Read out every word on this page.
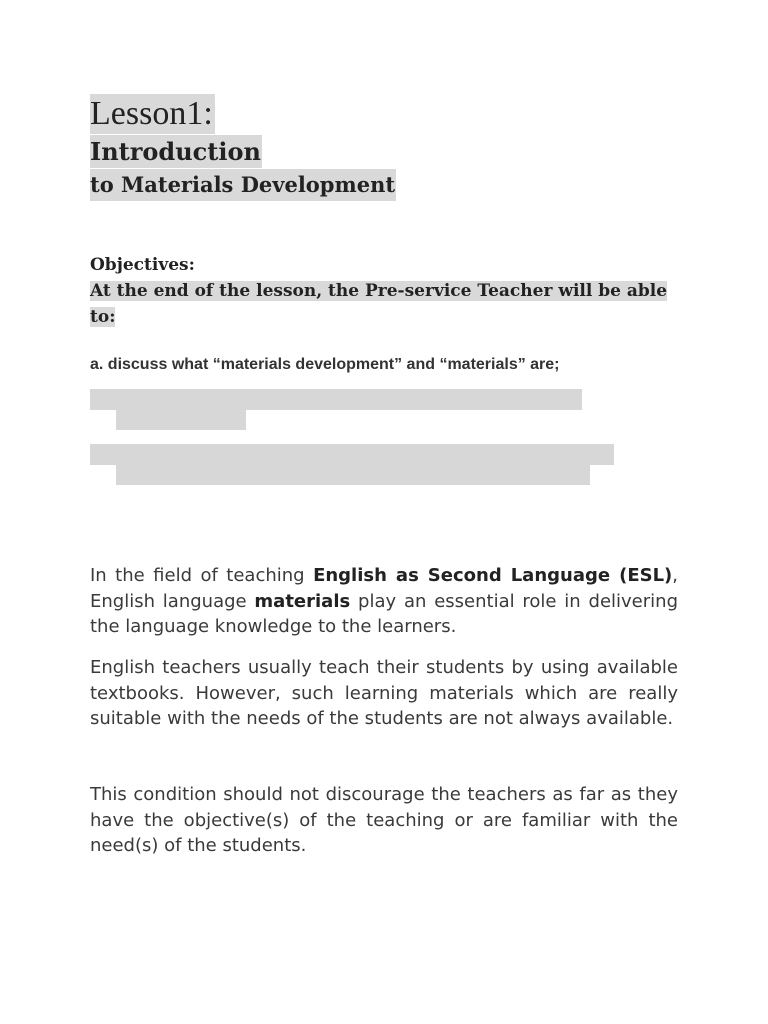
Lesson1:
Introduction
to Materials Development
Objectives:
At the end of the lesson, the Pre-service Teacher will be able to:
a. discuss what “materials development” and “materials” are;
In the field of teaching English as Second Language (ESL), English language materials play an essential role in delivering the language knowledge to the learners.
English teachers usually teach their students by using available textbooks. However, such learning materials which are really suitable with the needs of the students are not always available.
This condition should not discourage the teachers as far as they have the objective(s) of the teaching or are familiar with the need(s) of the students.
